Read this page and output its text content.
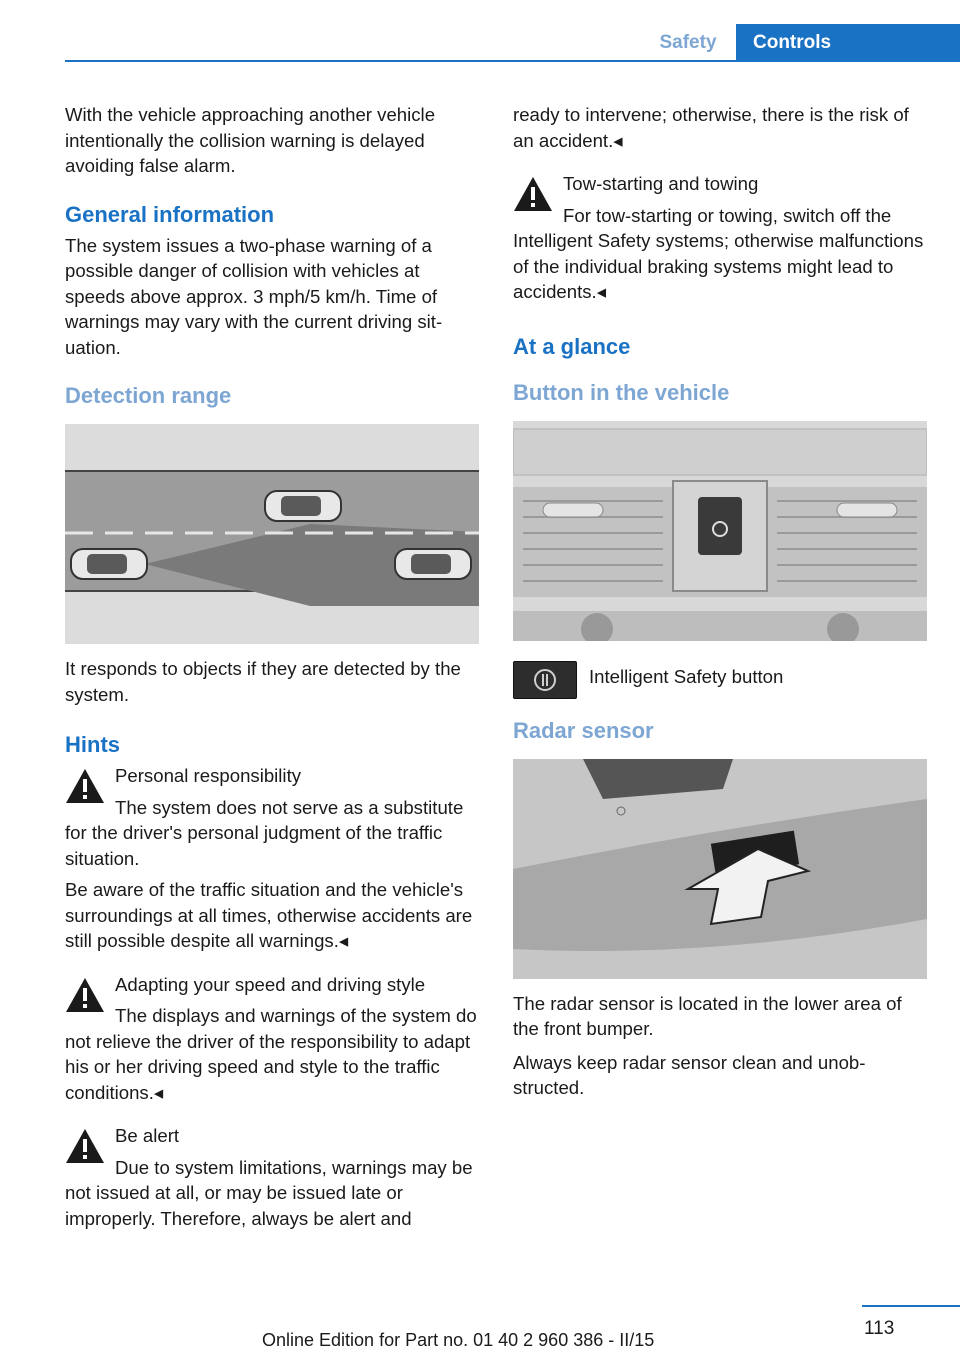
Safety	Controls

With the vehicle approaching another vehicle intentionally the collision warning is delayed avoiding false alarm.

General information

The system issues a two-phase warning of a possible danger of collision with vehicles at speeds above approx. 3 mph/5 km/h. Time of warnings may vary with the current driving situation.

Detection range

It responds to objects if they are detected by the system.

Hints

Personal responsibility

The system does not serve as a substitute for the driver's personal judgment of the traffic situation.

Be aware of the traffic situation and the vehicle's surroundings at all times, otherwise accidents are still possible despite all warnings.◂

Adapting your speed and driving style

The displays and warnings of the system do not relieve the driver of the responsibility to adapt his or her driving speed and style to the traffic conditions.◂

Be alert

Due to system limitations, warnings may be not issued at all, or may be issued late or improperly. Therefore, always be alert and

ready to intervene; otherwise, there is the risk of an accident.◂

Tow-starting and towing

For tow-starting or towing, switch off the Intelligent Safety systems; otherwise malfunctions of the individual braking systems might lead to accidents.◂

At a glance
Button in the vehicle

Intelligent Safety button

Radar sensor

The radar sensor is located in the lower area of the front bumper.

Always keep radar sensor clean and unobstructed.

113
Online Edition for Part no. 01 40 2 960 386 - II/15
